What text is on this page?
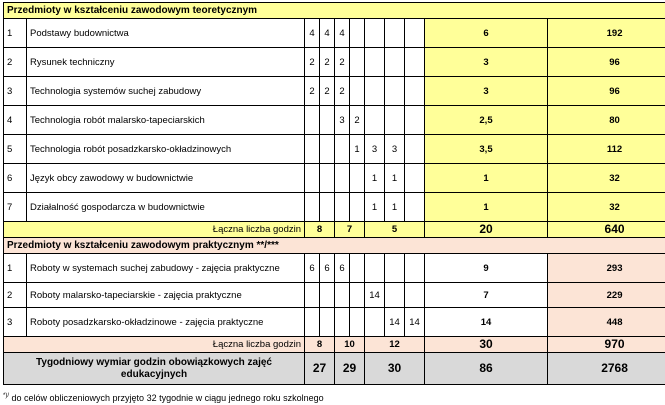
Przedmioty w kształceniu zawodowym teoretycznym										
1	Podstawy budownictwa	4	4	4					6	192
2	Rysunek techniczny	2	2	2					3	96
3	Technologia systemów suchej zabudowy	2	2	2					3	96
4	Technologia robót malarsko-tapeciarskich			3	2				2,5	80
5	Technologia robót posadzkarsko-okładzinowych				1	3	3		3,5	112
6	Język obcy zawodowy w budownictwie					1	1		1	32
7	Działalność gospodarcza w budownictwie					1	1		1	32
Łączna liczba godzin		8		7		5			20	640
Przedmioty w kształceniu zawodowym praktycznym **/***										
1	Roboty w systemach suchej zabudowy - zajęcia praktyczne	6	6	6					9	293
2	Roboty malarsko-tapeciarskie - zajęcia praktyczne					14			7	229
3	Roboty posadzkarsko-okładzinowe - zajęcia praktyczne						14	14	14	448
Łączna liczba godzin		8		10		12			30	970
Tygodniowy wymiar godzin obowiązkowych zajęć edukacyjnych		27		29		30			86	2768
*)/ do celów obliczeniowych przyjęto 32 tygodnie w ciągu jednego roku szkolnego
